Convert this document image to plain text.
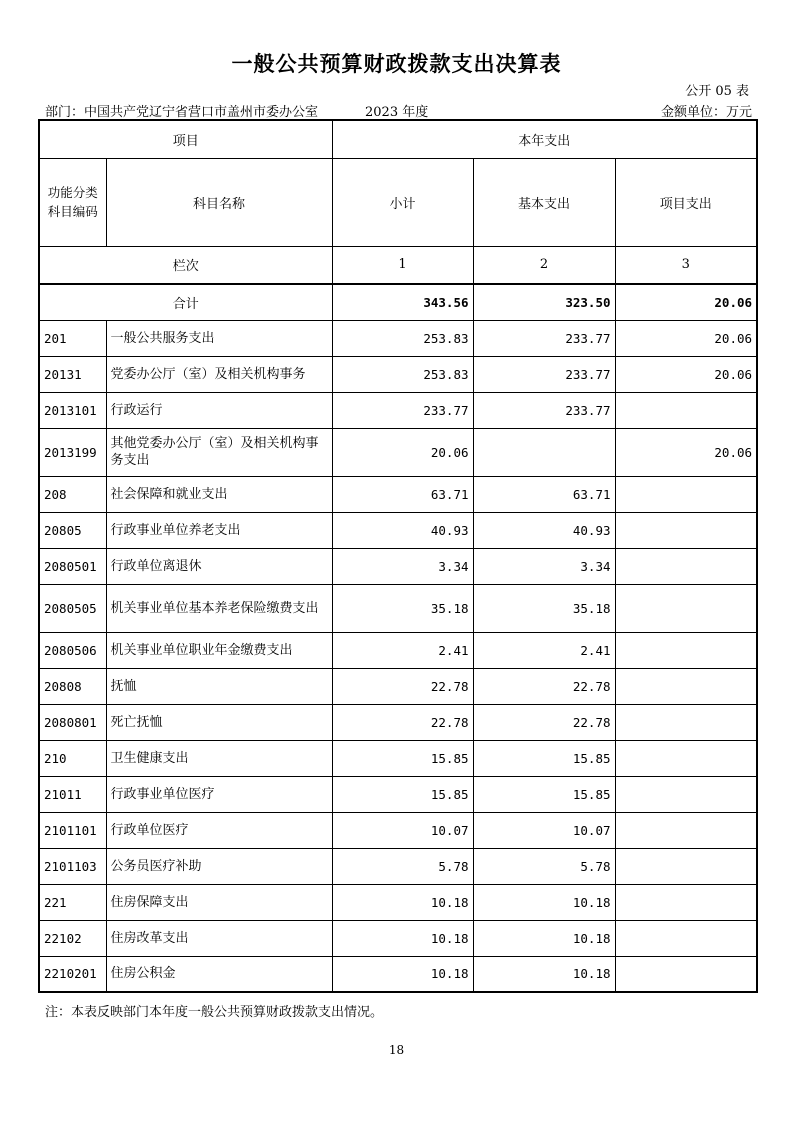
一般公共预算财政拨款支出决算表
公开 05 表
部门：中国共产党辽宁省营口市盖州市委办公室	2023 年度	金额单位：万元
项目		本年支出		
功能分类科目编码	科目名称	小计	基本支出	项目支出
栏次		1	2	3
合计		343.56	323.50	20.06
201	一般公共服务支出	253.83	233.77	20.06
20131	党委办公厅（室）及相关机构事务	253.83	233.77	20.06
2013101	行政运行	233.77	233.77	
2013199	其他党委办公厅（室）及相关机构事务支出	20.06		20.06
208	社会保障和就业支出	63.71	63.71	
20805	行政事业单位养老支出	40.93	40.93	
2080501	行政单位离退休	3.34	3.34	
2080505	机关事业单位基本养老保险缴费支出	35.18	35.18	
2080506	机关事业单位职业年金缴费支出	2.41	2.41	
20808	抚恤	22.78	22.78	
2080801	死亡抚恤	22.78	22.78	
210	卫生健康支出	15.85	15.85	
21011	行政事业单位医疗	15.85	15.85	
2101101	行政单位医疗	10.07	10.07	
2101103	公务员医疗补助	5.78	5.78	
221	住房保障支出	10.18	10.18	
22102	住房改革支出	10.18	10.18	
2210201	住房公积金	10.18	10.18	
注：本表反映部门本年度一般公共预算财政拨款支出情况。
18
